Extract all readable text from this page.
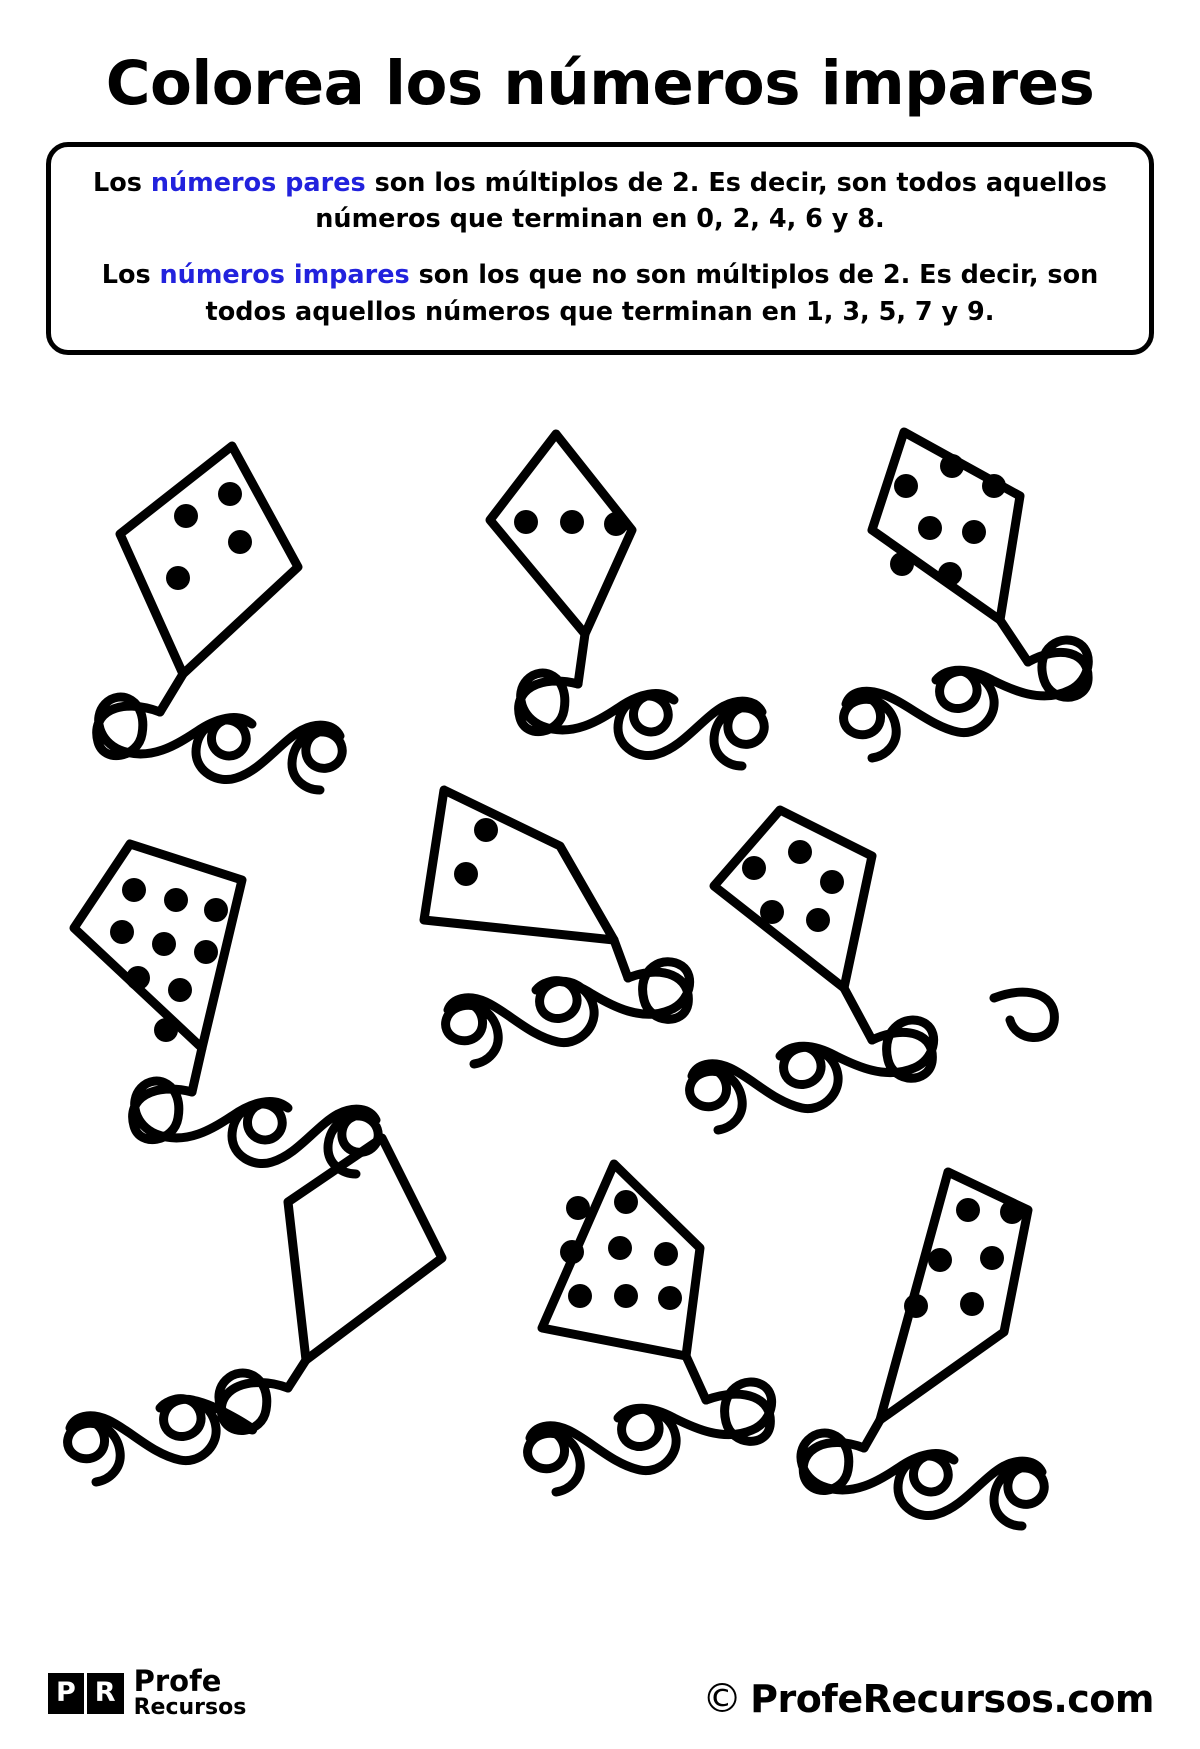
Colorea los números impares

Los números pares son los múltiplos de 2. Es decir, son todos aquellos números que terminan en 0, 2, 4, 6 y 8.

Los números impares son los que no son múltiplos de 2. Es decir, son todos aquellos números que terminan en 1, 3, 5, 7 y 9.

P R Profe
Recursos	© ProfeRecursos.com
